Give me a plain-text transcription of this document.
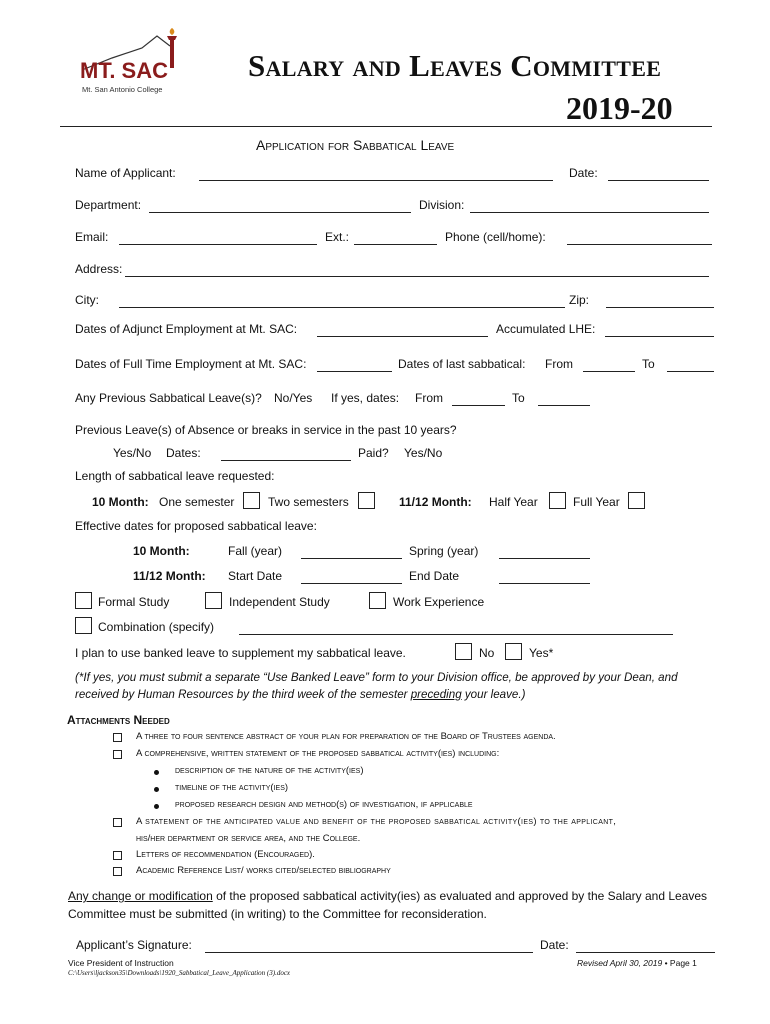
MT. SAC
Mt. San Antonio College
Salary and Leaves Committee
2019-20
Application for Sabbatical Leave
Name of Applicant:	Date:
Department:	Division:
Email:	Ext.:	Phone (cell/home):
Address:
City:	Zip:
Dates of Adjunct Employment at Mt. SAC:	Accumulated LHE:
Dates of Full Time Employment at Mt. SAC:	Dates of last sabbatical: From	To
Any Previous Sabbatical Leave(s)? No/Yes If yes, dates: From	To
Previous Leave(s) of Absence or breaks in service in the past 10 years?
Yes/No Dates:	Paid? Yes/No
Length of sabbatical leave requested:
10 Month: One semester	Two semesters	11/12 Month: Half Year	Full Year
Effective dates for proposed sabbatical leave:
10 Month:	Fall (year)	Spring (year)
11/12 Month: Start Date	End Date
Formal Study	Independent Study	Work Experience
Combination (specify)
I plan to use banked leave to supplement my sabbatical leave.	No	Yes*
(*If yes, you must submit a separate “Use Banked Leave” form to your Division office, be approved by your Dean, and
received by Human Resources by the third week of the semester preceding your leave.)
Attachments Needed
A three to four sentence abstract of your plan for preparation of the Board of Trustees agenda.
A comprehensive, written statement of the proposed sabbatical activity(ies) including:
description of the nature of the activity(ies)
timeline of the activity(ies)
proposed research design and method(s) of investigation, if applicable
A statement of the anticipated value and benefit of the proposed sabbatical activity(ies) to the applicant,
his/her department or service area, and the College.
Letters of recommendation (Encouraged).
Academic Reference List/ works cited/selected bibliography
Any change or modification of the proposed sabbatical activity(ies) as evaluated and approved by the Salary and Leaves
Committee must be submitted (in writing) to the Committee for reconsideration.
Applicant’s Signature:	Date:
Vice President of Instruction
C:\Users\ljackson35\Downloads\1920_Sabbatical_Leave_Application (3).docx
Revised April 30, 2019 • Page 1
